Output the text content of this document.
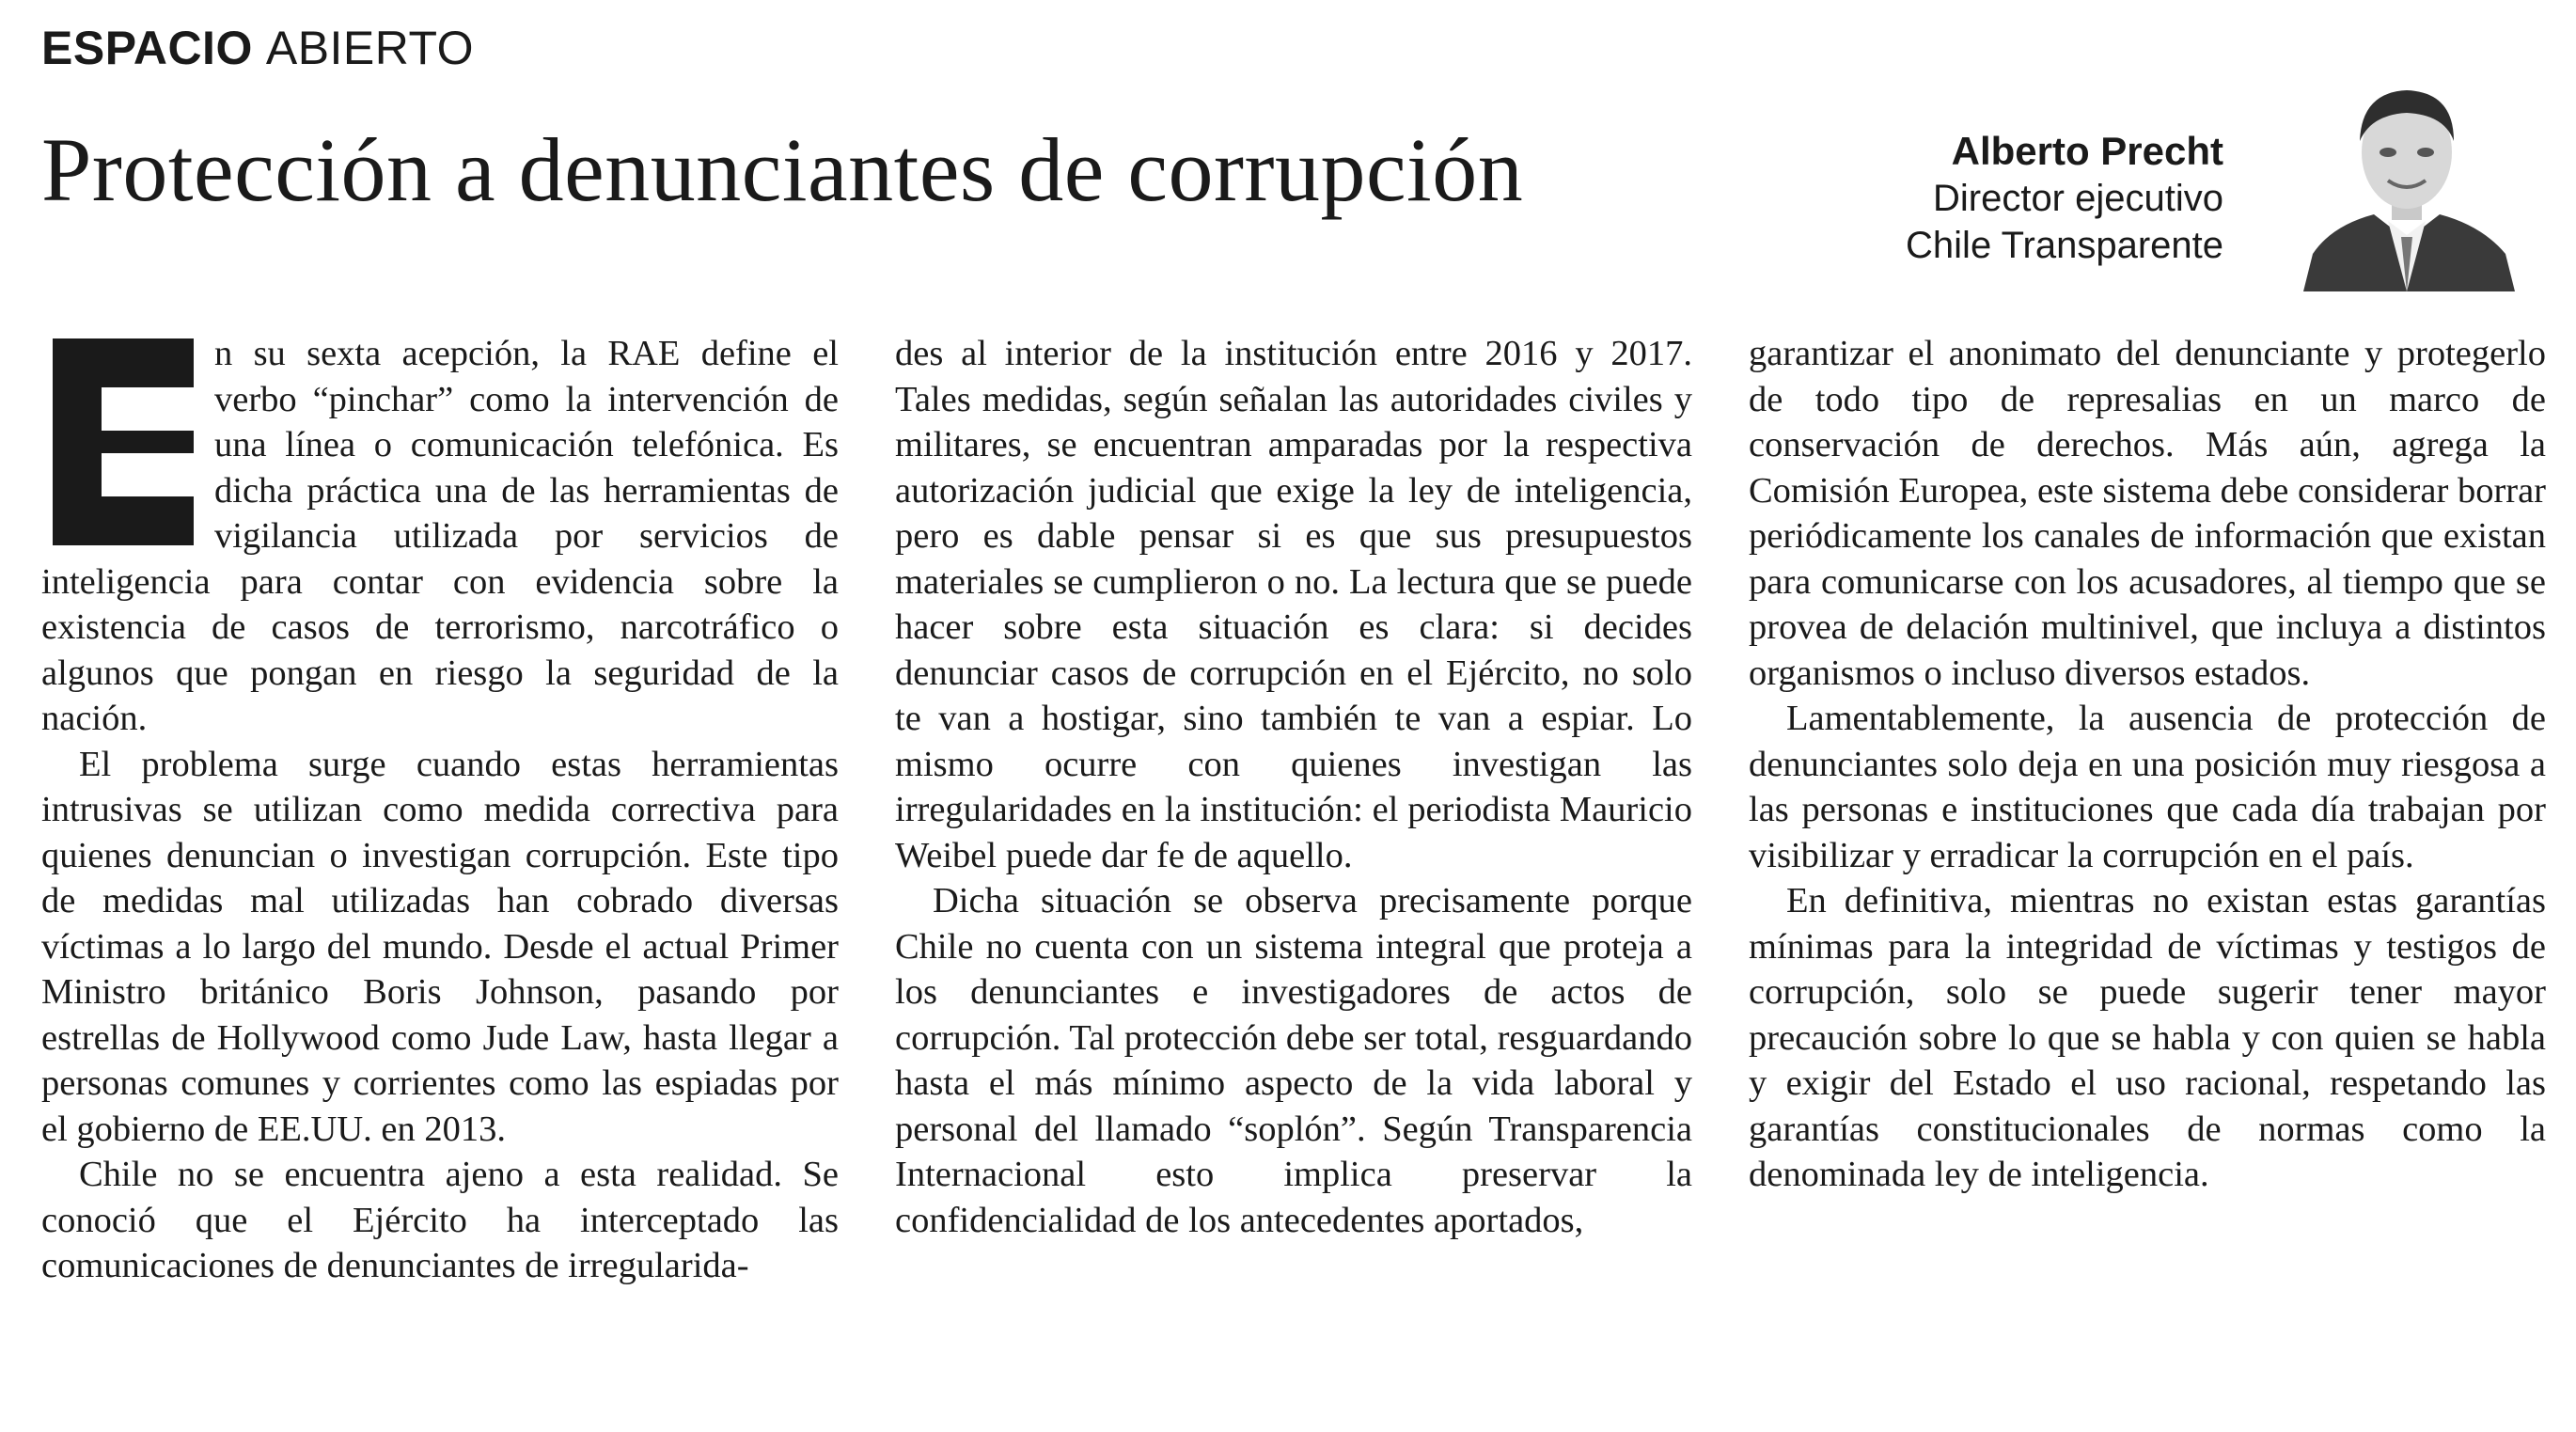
ESPACIO ABIERTO
Protección a denunciantes de corrupción	Alberto Precht
Director ejecutivo
Chile Transparente

n su sexta acepción, la RAE define el verbo “pinchar” como la intervención de una línea o comunicación telefónica. Es dicha práctica una de las herramientas de vigilancia utilizada por servicios de inteligencia para contar con evidencia sobre la existencia de casos de terrorismo, narcotráfico o algunos que pongan en riesgo la seguridad de la nación.

El problema surge cuando estas herramientas intrusivas se utilizan como medida correctiva para quienes denuncian o investigan corrupción. Este tipo de medidas mal utilizadas han cobrado diversas víctimas a lo largo del mundo. Desde el actual Primer Ministro británico Boris Johnson, pasando por estrellas de Hollywood como Jude Law, hasta llegar a personas comunes y corrientes como las espiadas por el gobierno de EE.UU. en 2013.

Chile no se encuentra ajeno a esta realidad. Se conoció que el Ejército ha interceptado las comunicaciones de denunciantes de irregularida-

des al interior de la institución entre 2016 y 2017. Tales medidas, según señalan las autoridades civiles y militares, se encuentran amparadas por la respectiva autorización judicial que exige la ley de inteligencia, pero es dable pensar si es que sus presupuestos materiales se cumplieron o no. La lectura que se puede hacer sobre esta situación es clara: si decides denunciar casos de corrupción en el Ejército, no solo te van a hostigar, sino también te van a espiar. Lo mismo ocurre con quienes investigan las irregularidades en la institución: el periodista Mauricio Weibel puede dar fe de aquello.

Dicha situación se observa precisamente porque Chile no cuenta con un sistema integral que proteja a los denunciantes e investigadores de actos de corrupción. Tal protección debe ser total, resguardando hasta el más mínimo aspecto de la vida laboral y personal del llamado “soplón”. Según Transparencia Internacional esto implica preservar la confidencialidad de los antecedentes aportados,

garantizar el anonimato del denunciante y protegerlo de todo tipo de represalias en un marco de conservación de derechos. Más aún, agrega la Comisión Europea, este sistema debe considerar borrar periódicamente los canales de información que existan para comunicarse con los acusadores, al tiempo que se provea de delación multinivel, que incluya a distintos organismos o incluso diversos estados.

Lamentablemente, la ausencia de protección de denunciantes solo deja en una posición muy riesgosa a las personas e instituciones que cada día trabajan por visibilizar y erradicar la corrupción en el país.

En definitiva, mientras no existan estas garantías mínimas para la integridad de víctimas y testigos de corrupción, solo se puede sugerir tener mayor precaución sobre lo que se habla y con quien se habla y exigir del Estado el uso racional, respetando las garantías constitucionales de normas como la denominada ley de inteligencia.
